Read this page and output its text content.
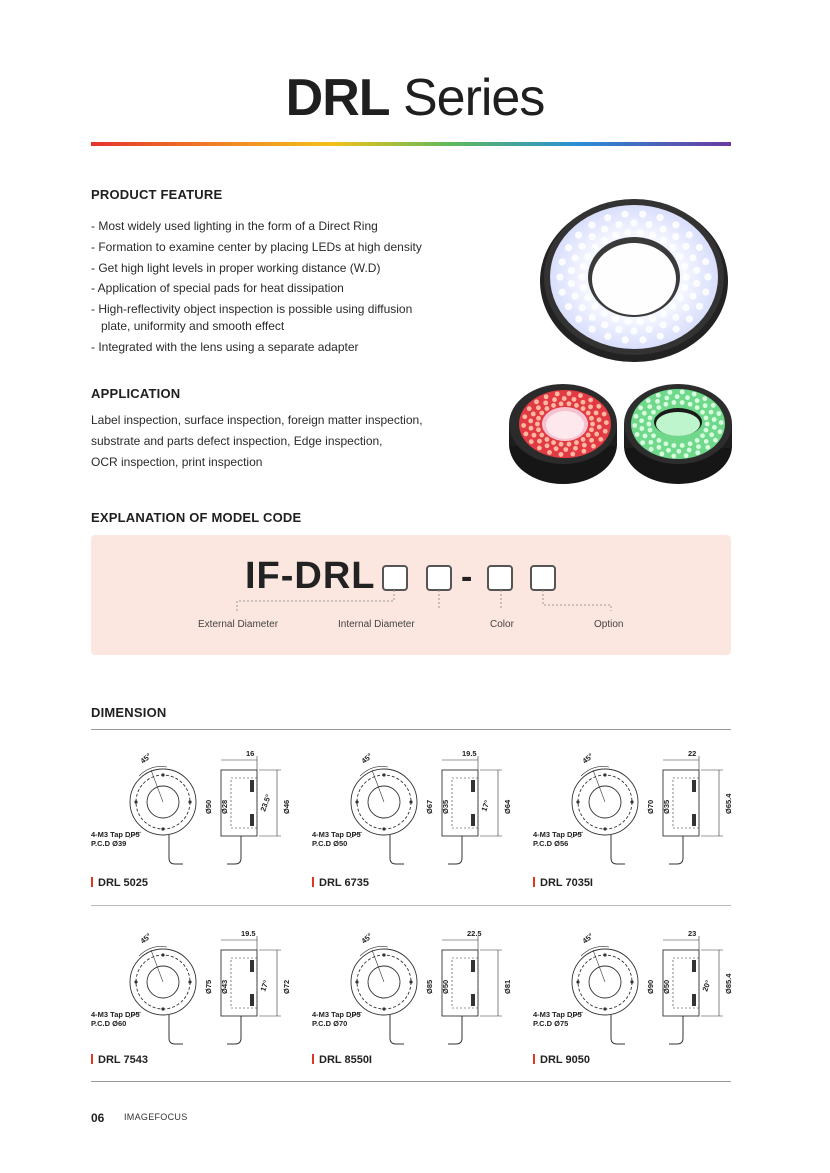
DRL Series
PRODUCT FEATURE
- Most widely used lighting in the form of a Direct Ring
- Formation to examine center by placing LEDs at high density
- Get high light levels in proper working distance (W.D)
- Application of special pads for heat dissipation
- High-reflectivity object inspection is possible using diffusion plate, uniformity and smooth effect
- Integrated with the lens using a separate adapter
APPLICATION
Label inspection, surface inspection, foreign matter inspection,
substrate and parts defect inspection, Edge inspection,
OCR inspection, print inspection
EXPLANATION OF MODEL CODE
IF-DRL	-
External Diameter	Internal Diameter	Color	Option
DIMENSION
45°	16
Ø50 Ø28	Ø46
23.5°
4-M3 Tap DP5
P.C.D Ø39
DRL 5025
45°	19.5
Ø67 Ø35	Ø64
17°
4-M3 Tap DP5
P.C.D Ø50
DRL 6735
45°	22
Ø70 Ø35	Ø65.4
4-M3 Tap DP5
P.C.D Ø56
DRL 7035I
45°	19.5
Ø75 Ø43	Ø72
17°
4-M3 Tap DP5
P.C.D Ø60
DRL 7543
45°	22.5
Ø85 Ø50	Ø81
4-M3 Tap DP5
P.C.D Ø70
DRL 8550I
45°	23
Ø90 Ø50	Ø85.4
20°
4-M3 Tap DP5
P.C.D Ø75
DRL 9050
06 IMAGEFOCUS
